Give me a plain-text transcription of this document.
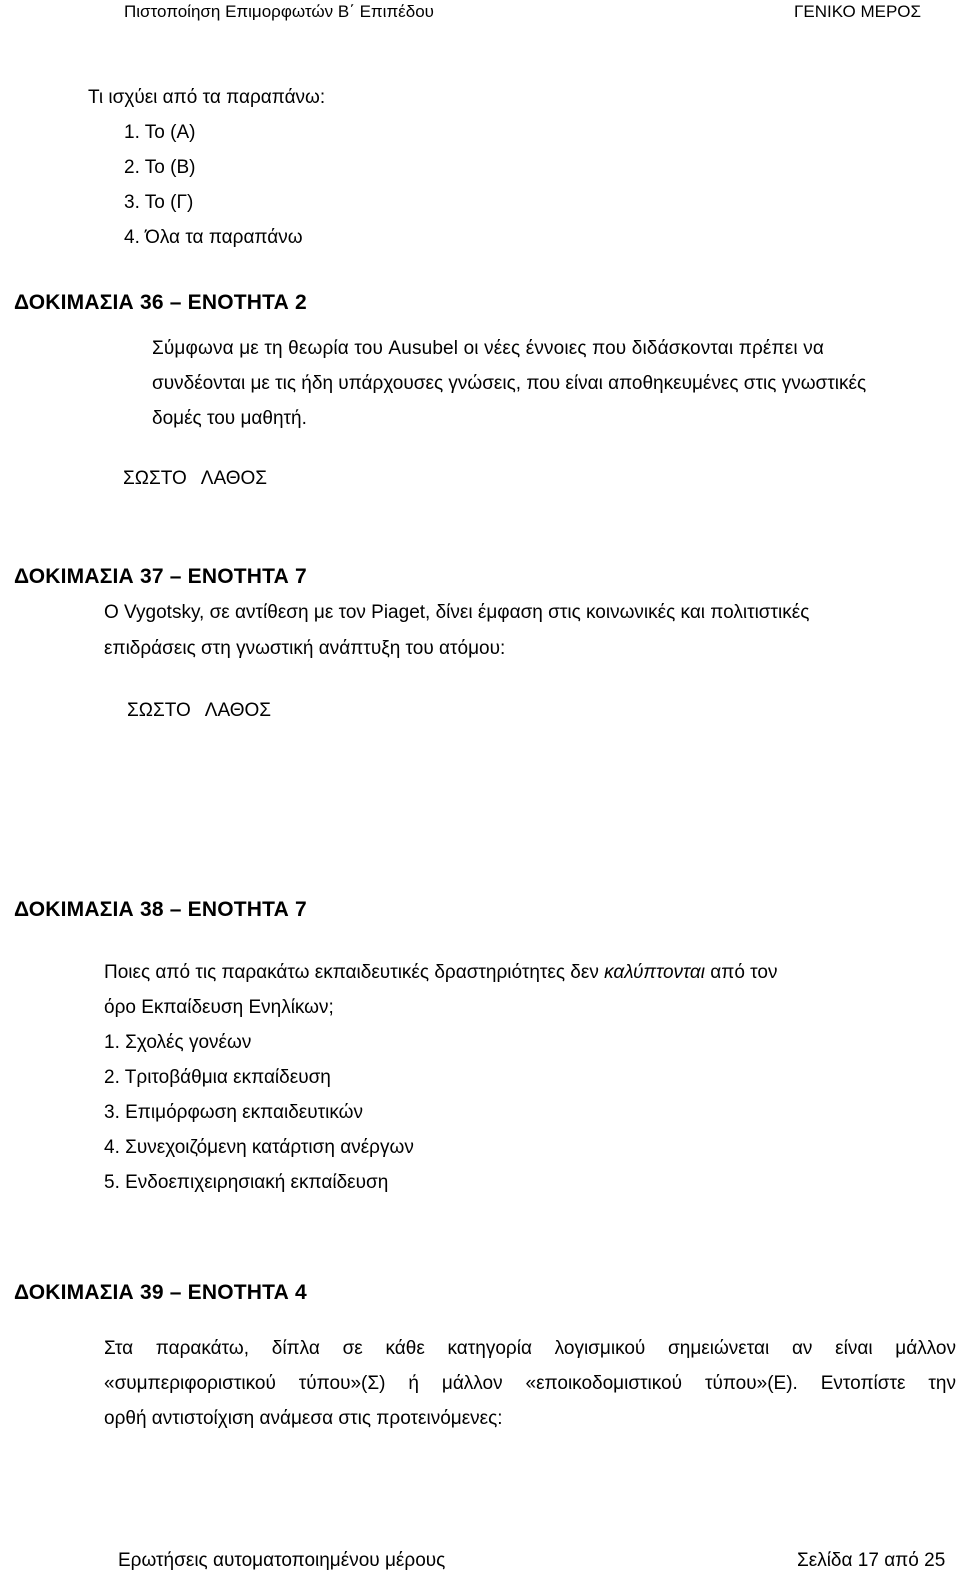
Πιστοποίηση Επιμορφωτών Β΄ Επιπέδου	ΓΕΝΙΚΟ ΜΕΡΟΣ
Τι ισχύει από τα παραπάνω:
1. Το (Α)
2. Το (Β)
3. Το (Γ)
4. Όλα τα παραπάνω
ΔΟΚΙΜΑΣΙΑ 36 – ΕΝΟΤΗΤΑ 2
Σύμφωνα με τη θεωρία του Ausubel οι νέες έννοιες που διδάσκονται πρέπει να
συνδέονται με τις ήδη υπάρχουσες γνώσεις, που είναι αποθηκευμένες στις γνωστικές
δομές του μαθητή.
ΣΩΣΤΟ ΛΑΘΟΣ
ΔΟΚΙΜΑΣΙΑ 37 – ΕΝΟΤΗΤΑ 7
Ο Vygotsky, σε αντίθεση με τον Piaget, δίνει έμφαση στις κοινωνικές και πολιτιστικές
επιδράσεις στη γνωστική ανάπτυξη του ατόμου:
ΣΩΣΤΟ ΛΑΘΟΣ
ΔΟΚΙΜΑΣΙΑ 38 – ΕΝΟΤΗΤΑ 7
Ποιες από τις παρακάτω εκπαιδευτικές δραστηριότητες δεν καλύπτονται από τον
όρο Εκπαίδευση Ενηλίκων;
1. Σχολές γονέων
2. Τριτοβάθμια εκπαίδευση
3. Επιμόρφωση εκπαιδευτικών
4. Συνεχοιζόμενη κατάρτιση ανέργων
5. Ενδοεπιχειρησιακή εκπαίδευση
ΔΟΚΙΜΑΣΙΑ 39 – ΕΝΟΤΗΤΑ 4
Στα παρακάτω, δίπλα σε κάθε κατηγορία λογισμικού σημειώνεται αν είναι μάλλον
«συμπεριφοριστικού τύπου»(Σ) ή μάλλον «εποικοδομιστικού τύπου»(Ε). Εντοπίστε την
ορθή αντιστοίχιση ανάμεσα στις προτεινόμενες:
Ερωτήσεις αυτοματοποιημένου μέρους	Σελίδα 17 από 25
